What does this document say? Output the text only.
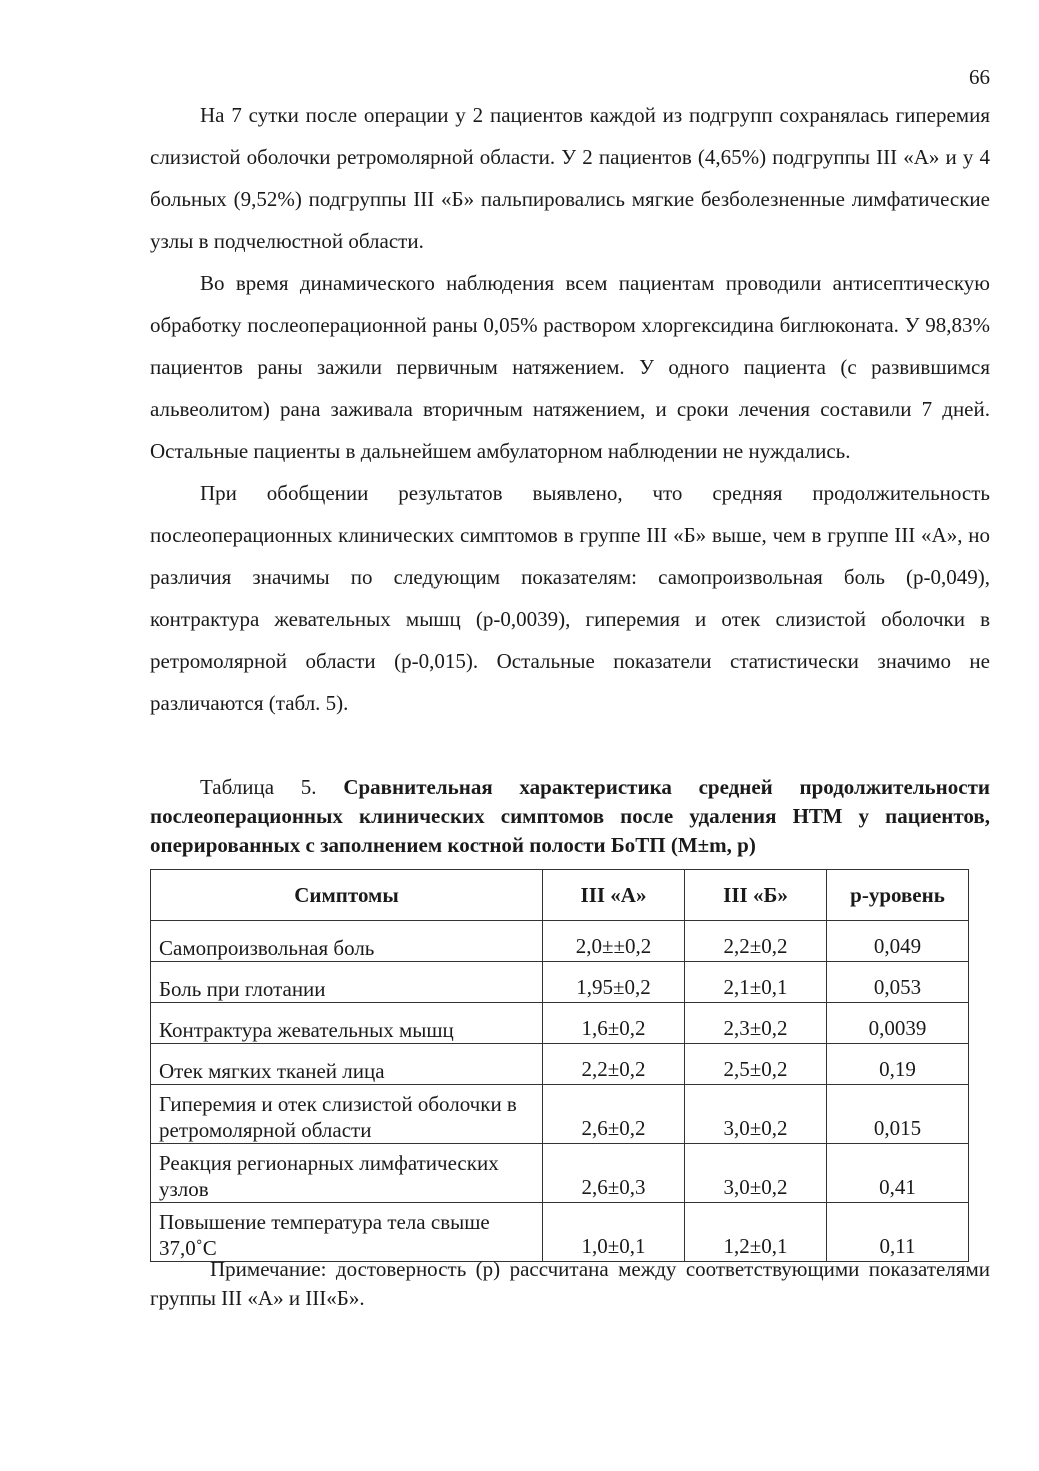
66

На 7 сутки после операции у 2 пациентов каждой из подгрупп сохранялась гиперемия слизистой оболочки ретромолярной области. У 2 пациентов (4,65%) подгруппы III «А» и у 4 больных (9,52%) подгруппы III «Б» пальпировались мягкие безболезненные лимфатические узлы в подчелюстной области.

Во время динамического наблюдения всем пациентам проводили антисептическую обработку послеоперационной раны 0,05% раствором хлоргексидина биглюконата. У 98,83% пациентов раны зажили первичным натяжением. У одного пациента (с развившимся альвеолитом) рана заживала вторичным натяжением, и сроки лечения составили 7 дней. Остальные пациенты в дальнейшем амбулаторном наблюдении не нуждались.

При обобщении результатов выявлено, что средняя продолжительность послеоперационных клинических симптомов в группе III «Б» выше, чем в группе III «А», но различия значимы по следующим показателям: самопроизвольная боль (р-0,049), контрактура жевательных мышц (р-0,0039), гиперемия и отек слизистой оболочки в ретромолярной области (р-0,015). Остальные показатели статистически значимо не различаются (табл. 5).

Таблица 5. Сравнительная характеристика средней продолжительности послеоперационных клинических симптомов после удаления НТМ у пациентов, оперированных с заполнением костной полости БоТП (M±m, p)

Симптомы	III «А»	III «Б»	p-уровень
Самопроизвольная боль	2,0±±0,2	2,2±0,2	0,049
Боль при глотании	1,95±0,2	2,1±0,1	0,053
Контрактура жевательных мышц	1,6±0,2	2,3±0,2	0,0039
Отек мягких тканей лица	2,2±0,2	2,5±0,2	0,19
Гиперемия и отек слизистой оболочки в ретромолярной области	2,6±0,2	3,0±0,2	0,015
Реакция регионарных лимфатических узлов	2,6±0,3	3,0±0,2	0,41
Повышение температура тела свыше 37,0˚С	1,0±0,1	1,2±0,1	0,11

Примечание: достоверность (р) рассчитана между соответствующими показателями группы III «А» и III«Б».
